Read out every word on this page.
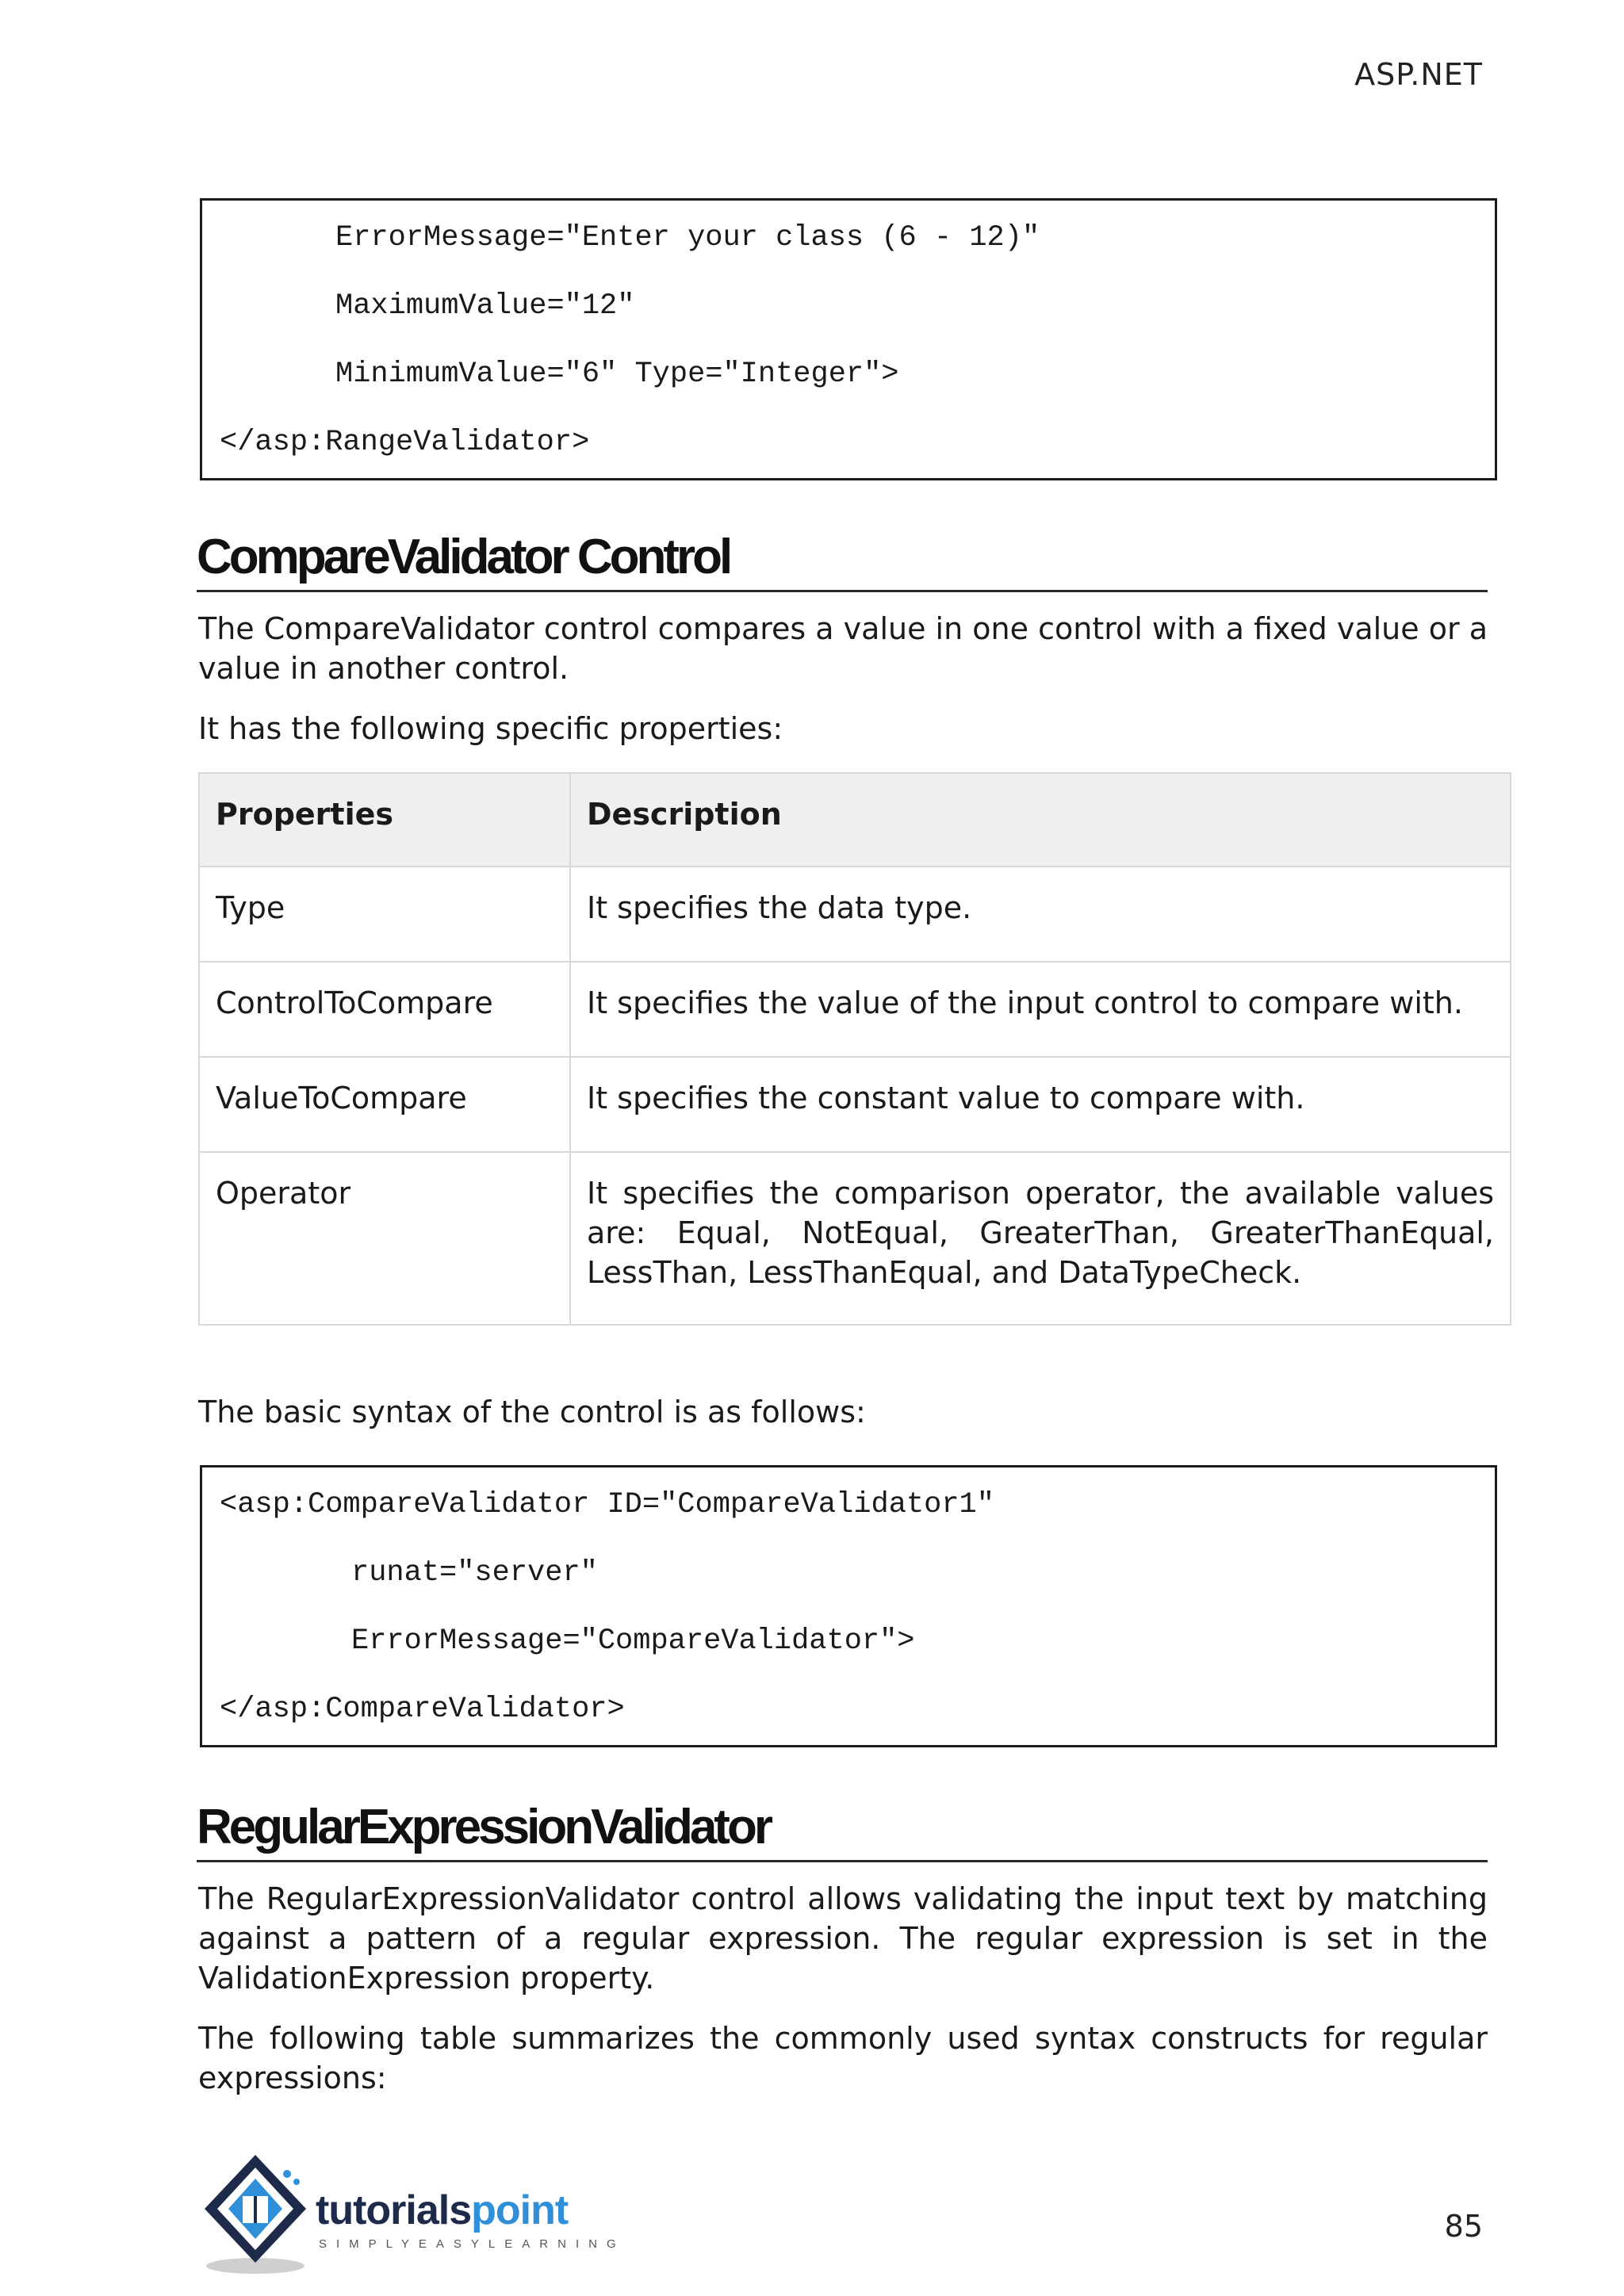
ASP.NET
ErrorMessage="Enter your class (6 - 12)"
MaximumValue="12"
MinimumValue="6" Type="Integer">
</asp:RangeValidator>
CompareValidator Control
The CompareValidator control compares a value in one control with a fixed value or a value in another control.
It has the following specific properties:
Properties	Description
Type	It specifies the data type.
ControlToCompare	It specifies the value of the input control to compare with.
ValueToCompare	It specifies the constant value to compare with.
Operator	It specifies the comparison operator, the available values are: Equal, NotEqual, GreaterThan, GreaterThanEqual, LessThan, LessThanEqual, and DataTypeCheck.
The basic syntax of the control is as follows:
<asp:CompareValidator ID="CompareValidator1"
runat="server"
ErrorMessage="CompareValidator">
</asp:CompareValidator>
RegularExpressionValidator
The RegularExpressionValidator control allows validating the input text by matching against a pattern of a regular expression. The regular expression is set in the ValidationExpression property.
The following table summarizes the commonly used syntax constructs for regular expressions:
tutorialspoint
SIMPLYEASYLEARNING
85
